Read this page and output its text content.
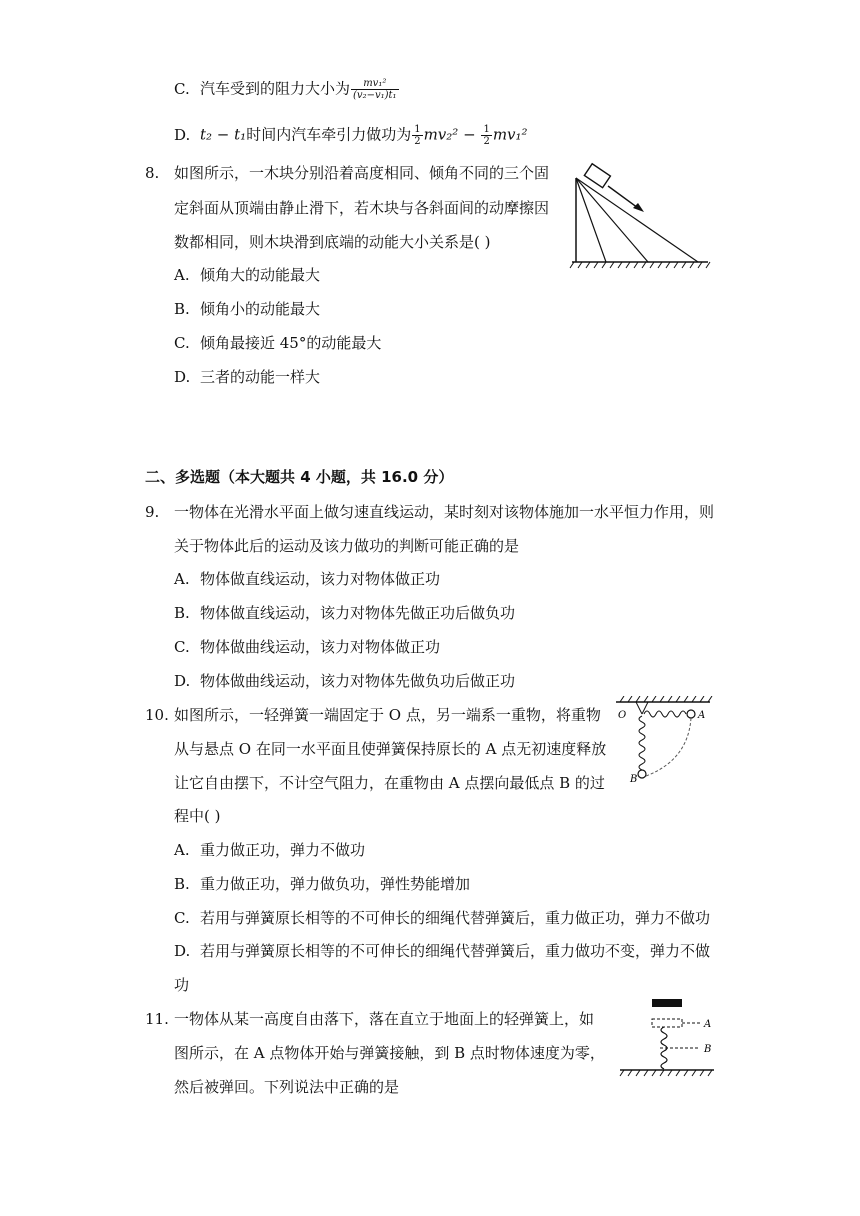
C. 汽车受到的阻力大小为 $\frac{\text{mv₁²}}{\text{(v₂−v₁)t₁}}$
D. t₂ − t₁时间内汽车牵引力做功为 $\frac{1}{2} mv_2^2 - \frac{1}{2} mv_1^2$
8. 如图所示，一木块分别沿着高度相同、倾角不同的三个固
定斜面从顶端由静止滑下，若木块与各斜面间的动摩擦因
数都相同，则木块滑到底端的动能大小关系是( )
A. 倾角大的动能最大
B. 倾角小的动能最大
C. 倾角最接近 45°的动能最大
D. 三者的动能一样大
二、多选题（本大题共 4 小题，共 16.0 分）
9. 一物体在光滑水平面上做匀速直线运动，某时刻对该物体施加一水平恒力作用，则
关于物体此后的运动及该力做功的判断可能正确的是
A. 物体做直线运动，该力对物体做正功
B. 物体做直线运动，该力对物体先做正功后做负功
C. 物体做曲线运动，该力对物体做正功
D. 物体做曲线运动，该力对物体先做负功后做正功
10. 如图所示，一轻弹簧一端固定于 O 点，另一端系一重物，将重物
从与悬点 O 在同一水平面且使弹簧保持原长的 A 点无初速度释放
让它自由摆下，不计空气阻力，在重物由 A 点摆向最低点 B 的过
程中( )
A. 重力做正功，弹力不做功
B. 重力做正功，弹力做负功，弹性势能增加
C. 若用与弹簧原长相等的不可伸长的细绳代替弹簧后，重力做正功，弹力不做功
D. 若用与弹簧原长相等的不可伸长的细绳代替弹簧后，重力做功不变，弹力不做
功
O	A
B
11. 一物体从某一高度自由落下，落在直立于地面上的轻弹簧上，如
图所示，在 A 点物体开始与弹簧接触，到 B 点时物体速度为零，
然后被弹回。下列说法中正确的是
A
B
